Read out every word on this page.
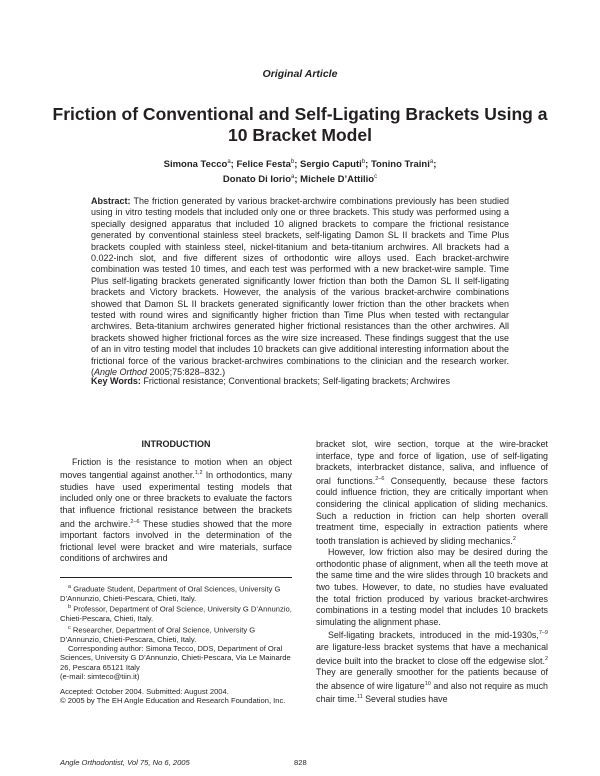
Original Article
Friction of Conventional and Self-Ligating Brackets Using a 10 Bracket Model
Simona Tecco$^a$; Felice Festa$^b$; Sergio Caputi$^b$; Tonino Traini$^a$;
Donato Di Iorio$^a$; Michele D’Attilio$^c$
Abstract: The friction generated by various bracket-archwire combinations previously has been studied using in vitro testing models that included only one or three brackets. This study was performed using a specially designed apparatus that included 10 aligned brackets to compare the frictional resistance generated by conventional stainless steel brackets, self-ligating Damon SL II brackets and Time Plus brackets coupled with stainless steel, nickel-titanium and beta-titanium archwires. All brackets had a 0.022-inch slot, and five different sizes of orthodontic wire alloys used. Each bracket-archwire combination was tested 10 times, and each test was performed with a new bracket-wire sample. Time Plus self-ligating brackets generated significantly lower friction than both the Damon SL II self-ligating brackets and Victory brackets. However, the analysis of the various bracket-archwire combinations showed that Damon SL II brackets generated significantly lower friction than the other brackets when tested with round wires and significantly higher friction than Time Plus when tested with rectangular archwires. Beta-titanium archwires generated higher frictional resistances than the other archwires. All brackets showed higher frictional forces as the wire size increased. These findings suggest that the use of an in vitro testing model that includes 10 brackets can give additional interesting information about the frictional force of the various bracket-archwires combinations to the clinician and the research worker. (Angle Orthod 2005;75:828–832.)
Key Words: Frictional resistance; Conventional brackets; Self-ligating brackets; Archwires
INTRODUCTION

Friction is the resistance to motion when an object moves tangential against another.$^{1,2}$ In orthodontics, many studies have used experimental testing models that included only one or three brackets to evaluate the factors that influence frictional resistance between the brackets and the archwire.$^{2-6}$ These studies showed that the more important factors involved in the determination of the frictional level were bracket and wire materials, surface conditions of archwires and

$^a$ Graduate Student, Department of Oral Sciences, University G D’Annunzio, Chieti-Pescara, Chieti, Italy.

$^b$ Professor, Department of Oral Science, University G D’Annunzio, Chieti-Pescara, Chieti, Italy.

$^c$ Researcher, Department of Oral Science, University G D’Annunzio, Chieti-Pescara, Chieti, Italy.

Corresponding author: Simona Tecco, DDS, Department of Oral Sciences, University G D’Annunzio, Chieti-Pescara, Via Le Mainarde 26, Pescara 65121 Italy

(e-mail: simteco@tiin.it)

Accepted: October 2004. Submitted: August 2004.

© 2005 by The EH Angle Education and Research Foundation, Inc.

bracket slot, wire section, torque at the wire-bracket interface, type and force of ligation, use of self-ligating brackets, interbracket distance, saliva, and influence of oral functions.$^{2-6}$ Consequently, because these factors could influence friction, they are critically important when considering the clinical application of sliding mechanics. Such a reduction in friction can help shorten overall treatment time, especially in extraction patients where tooth translation is achieved by sliding mechanics.$^2$

However, low friction also may be desired during the orthodontic phase of alignment, when all the teeth move at the same time and the wire slides through 10 brackets and two tubes. However, to date, no studies have evaluated the total friction produced by various bracket-archwires combinations in a testing model that includes 10 brackets simulating the alignment phase.

Self-ligating brackets, introduced in the mid-1930s,$^{7-9}$ are ligature-less bracket systems that have a mechanical device built into the bracket to close off the edgewise slot.$^2$ They are generally smoother for the patients because of the absence of wire ligature$^{10}$ and also not require as much chair time.$^{11}$ Several studies have

Angle Orthodontist, Vol 75, No 6, 2005	828
